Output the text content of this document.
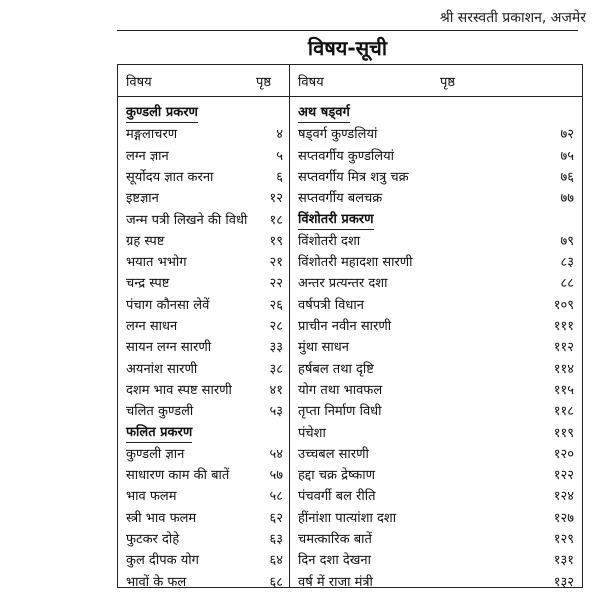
श्री सरस्वती प्रकाशन, अजमेर
विषय-सूची
विषय	पृष्ठ विषय	पृष्ठ
कुण्डली प्रकरण
मङ्गलाचरण	४
लग्न ज्ञान	५
सूर्योदय ज्ञात करना	६
इष्टज्ञान	१२
जन्म पत्री लिखने की विधी १८
ग्रह स्पष्ट	१९
भयात भभोग	२१
चन्द्र स्पष्ट	२२
पंचाग कौनसा लेवें	२६
लग्न साधन	२८
सायन लग्न सारणी	३३
अयनांश सारणी	३८
दशम भाव स्पष्ट सारणी	४१
चलित कुण्डली	५३
फलित प्रकरण
कुण्डली ज्ञान	५४
साधारण काम की बातें	५७
भाव फलम	५८
स्त्री भाव फलम	६२
फुटकर दोहे	६३
कुल दीपक योग	६४
भावों के फल	६८
अथ षड्वर्ग
षड्वर्ग कुण्डलियां	७२
सप्तवर्गीय कुण्डलियां	७५
सप्तवर्गीय मित्र शत्रु चक्र	७६
सप्तवर्गीय बलचक्र	७७
विंशोतरी प्रकरण
विंशोतरी दशा	७९
विंशोतरी महादशा सारणी	८३
अन्तर प्रत्यन्तर दशा	८८
वर्षपत्री विधान	१०९
प्राचीन नवीन सारणी	१११
मुंथा साधन	११२
हर्षबल तथा दृष्टि	११४
योग तथा भावफल	११५
तृप्ता निर्माण विधी	११८
पंचेशा	११९
उच्चबल सारणी	१२०
हद्दा चक्र द्रेष्काण	१२२
पंचवर्गी बल रीति	१२४
हींनांशा पात्यांशा दशा	१२७
चमत्कारिक बातें	१२९
दिन दशा देखना	१३१
वर्ष में राजा मंत्री	१३२
